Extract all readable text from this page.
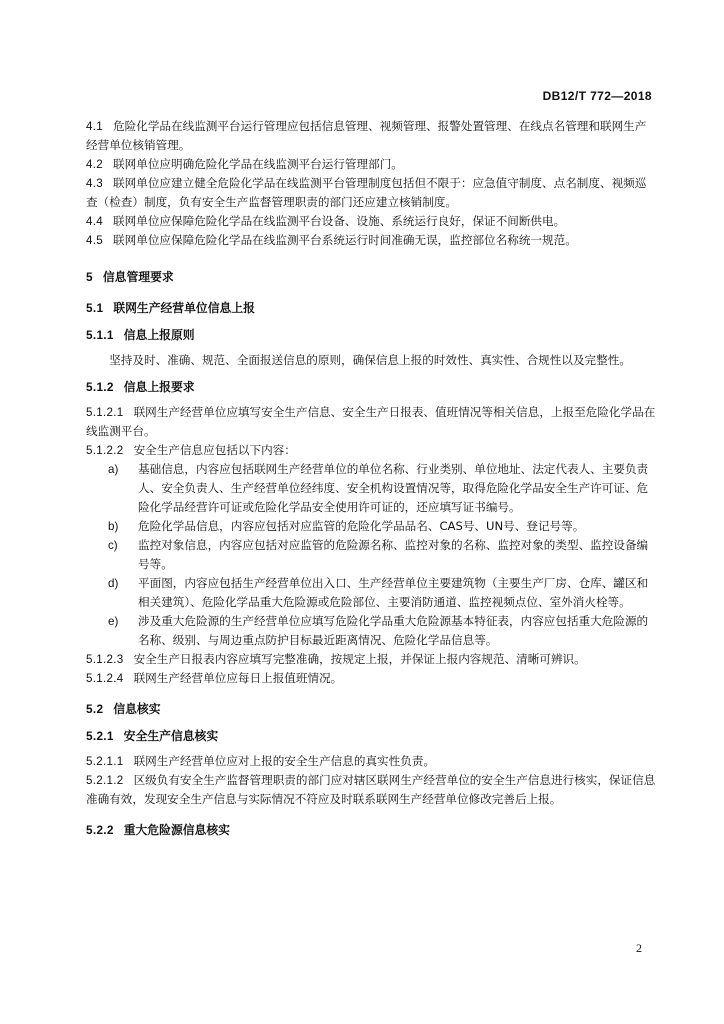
DB12/T 772—2018

4.1 危险化学品在线监测平台运行管理应包括信息管理、视频管理、报警处置管理、在线点名管理和联网生产经营单位核销管理。

4.2 联网单位应明确危险化学品在线监测平台运行管理部门。

4.3 联网单位应建立健全危险化学品在线监测平台管理制度包括但不限于：应急值守制度、点名制度、视频巡查（检查）制度，负有安全生产监督管理职责的部门还应建立核销制度。

4.4 联网单位应保障危险化学品在线监测平台设备、设施、系统运行良好，保证不间断供电。

4.5 联网单位应保障危险化学品在线监测平台系统运行时间准确无误，监控部位名称统一规范。

5 信息管理要求

5.1 联网生产经营单位信息上报

5.1.1 信息上报原则

坚持及时、准确、规范、全面报送信息的原则，确保信息上报的时效性、真实性、合规性以及完整性。

5.1.2 信息上报要求

5.1.2.1 联网生产经营单位应填写安全生产信息、安全生产日报表、值班情况等相关信息，上报至危险化学品在线监测平台。

5.1.2.2 安全生产信息应包括以下内容：

a)	基础信息，内容应包括联网生产经营单位的单位名称、行业类别、单位地址、法定代表人、主要负责人、安全负责人、生产经营单位经纬度、安全机构设置情况等，取得危险化学品安全生产许可证、危险化学品经营许可证或危险化学品安全使用许可证的，还应填写证书编号。
b)	危险化学品信息，内容应包括对应监管的危险化学品品名、CAS号、UN号、登记号等。
c)	监控对象信息，内容应包括对应监管的危险源名称、监控对象的名称、监控对象的类型、监控设备编号等。
d)	平面图，内容应包括生产经营单位出入口、生产经营单位主要建筑物（主要生产厂房、仓库、罐区和相关建筑）、危险化学品重大危险源或危险部位、主要消防通道、监控视频点位、室外消火栓等。
e)	涉及重大危险源的生产经营单位应填写危险化学品重大危险源基本特征表，内容应包括重大危险源的名称、级别、与周边重点防护目标最近距离情况、危险化学品信息等。

5.1.2.3 安全生产日报表内容应填写完整准确，按规定上报，并保证上报内容规范、清晰可辨识。

5.1.2.4 联网生产经营单位应每日上报值班情况。

5.2 信息核实

5.2.1 安全生产信息核实

5.2.1.1 联网生产经营单位应对上报的安全生产信息的真实性负责。

5.2.1.2 区级负有安全生产监督管理职责的部门应对辖区联网生产经营单位的安全生产信息进行核实，保证信息准确有效，发现安全生产信息与实际情况不符应及时联系联网生产经营单位修改完善后上报。

5.2.2 重大危险源信息核实

2
